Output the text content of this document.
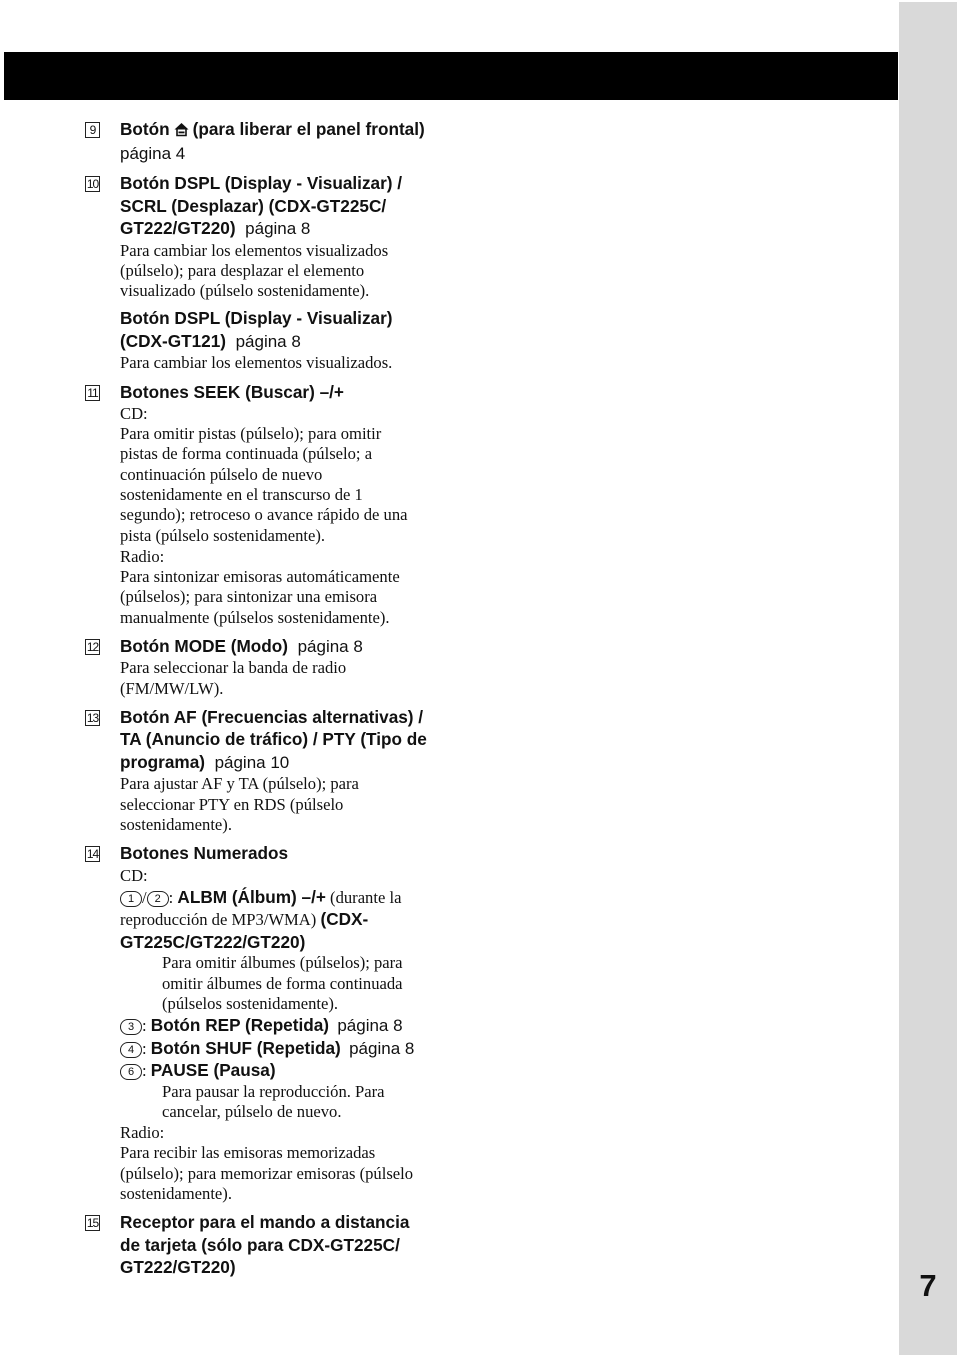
7
9 Botón (para liberar el panel frontal)
página 4
10 Botón DSPL (Display - Visualizar) /
SCRL (Desplazar) (CDX-GT225C/
GT222/GT220) página 8
Para cambiar los elementos visualizados
(púlselo); para desplazar el elemento
visualizado (púlselo sostenidamente).
Botón DSPL (Display - Visualizar)
(CDX-GT121) página 8
Para cambiar los elementos visualizados.
11 Botones SEEK (Buscar) –/+
CD:
Para omitir pistas (púlselo); para omitir
pistas de forma continuada (púlselo; a
continuación púlselo de nuevo
sostenidamente en el transcurso de 1
segundo); retroceso o avance rápido de una
pista (púlselo sostenidamente).
Radio:
Para sintonizar emisoras automáticamente
(púlselos); para sintonizar una emisora
manualmente (púlselos sostenidamente).
12 Botón MODE (Modo) página 8
Para seleccionar la banda de radio
(FM/MW/LW).
13 Botón AF (Frecuencias alternativas) /
TA (Anuncio de tráfico) / PTY (Tipo de
programa) página 10
Para ajustar AF y TA (púlselo); para
seleccionar PTY en RDS (púlselo
sostenidamente).
14 Botones Numerados
CD:
1 / 2 : ALBM (Álbum) –/+ (durante la
reproducción de MP3/WMA) (CDX-
GT225C/GT222/GT220)
Para omitir álbumes (púlselos); para
omitir álbumes de forma continuada
(púlselos sostenidamente).
3 : Botón REP (Repetida) página 8
4 : Botón SHUF (Repetida) página 8
6 : PAUSE (Pausa)
Para pausar la reproducción. Para
cancelar, púlselo de nuevo.
Radio:
Para recibir las emisoras memorizadas
(púlselo); para memorizar emisoras (púlselo
sostenidamente).
15 Receptor para el mando a distancia
de tarjeta (sólo para CDX-GT225C/
GT222/GT220)
